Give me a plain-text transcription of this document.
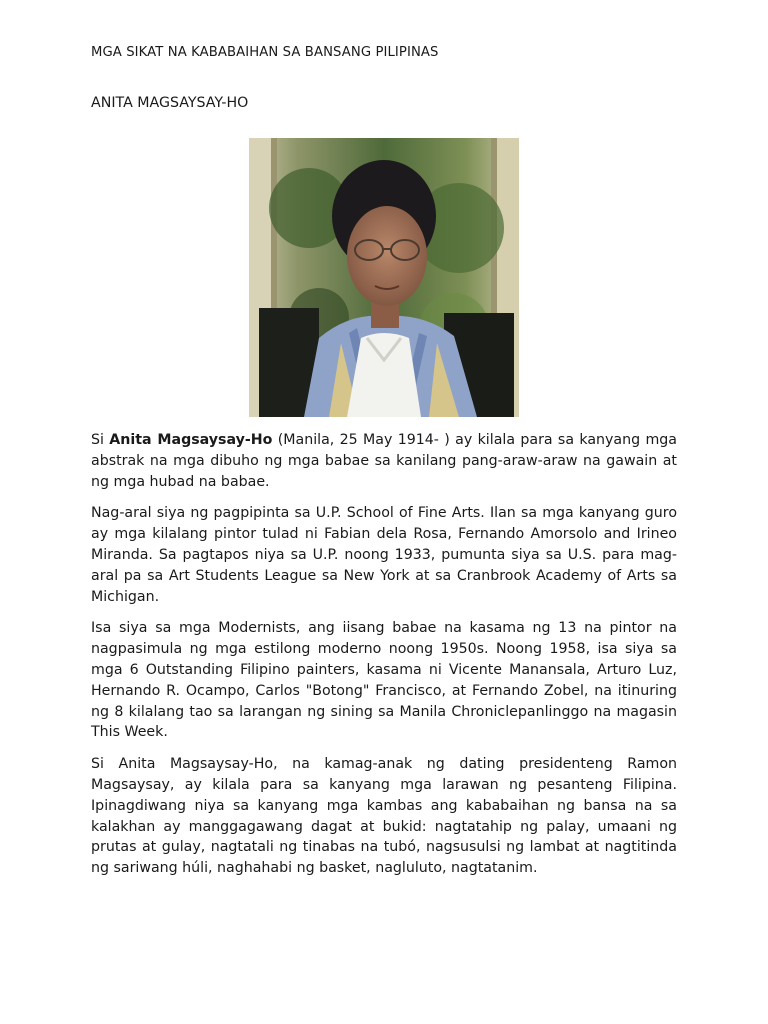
MGA SIKAT NA KABABAIHAN SA BANSANG PILIPINAS
ANITA MAGSAYSAY-HO

Si Anita Magsaysay-Ho (Manila, 25 May 1914- ) ay kilala para sa kanyang mga abstrak na mga dibuho ng mga babae sa kanilang pang-araw-araw na gawain at ng mga hubad na babae.

Nag-aral siya ng pagpipinta sa U.P. School of Fine Arts. Ilan sa mga kanyang guro ay mga kilalang pintor tulad ni Fabian dela Rosa, Fernando Amorsolo and Irineo Miranda. Sa pagtapos niya sa U.P. noong 1933, pumunta siya sa U.S. para mag-aral pa sa Art Students League sa New York at sa Cranbrook Academy of Arts sa Michigan.

Isa siya sa mga Modernists, ang iisang babae na kasama ng 13 na pintor na nagpasimula ng mga estilong moderno noong 1950s. Noong 1958, isa siya sa mga 6 Outstanding Filipino painters, kasama ni Vicente Manansala, Arturo Luz, Hernando R. Ocampo, Carlos "Botong" Francisco, at Fernando Zobel, na itinuring ng 8 kilalang tao sa larangan ng sining sa Manila Chroniclepanlinggo na magasin This Week.

Si Anita Magsaysay-Ho, na kamag-anak ng dating presidenteng Ramon Magsaysay, ay kilala para sa kanyang mga larawan ng pesanteng Filipina. Ipinagdiwang niya sa kanyang mga kambas ang kababaihan ng bansa na sa kalakhan ay manggagawang dagat at bukid: nagtatahip ng palay, umaani ng prutas at gulay, nagtatali ng tinabas na tubó, nagsusulsi ng lambat at nagtitinda ng sariwang húli, naghahabi ng basket, nagluluto, nagtatanim.
